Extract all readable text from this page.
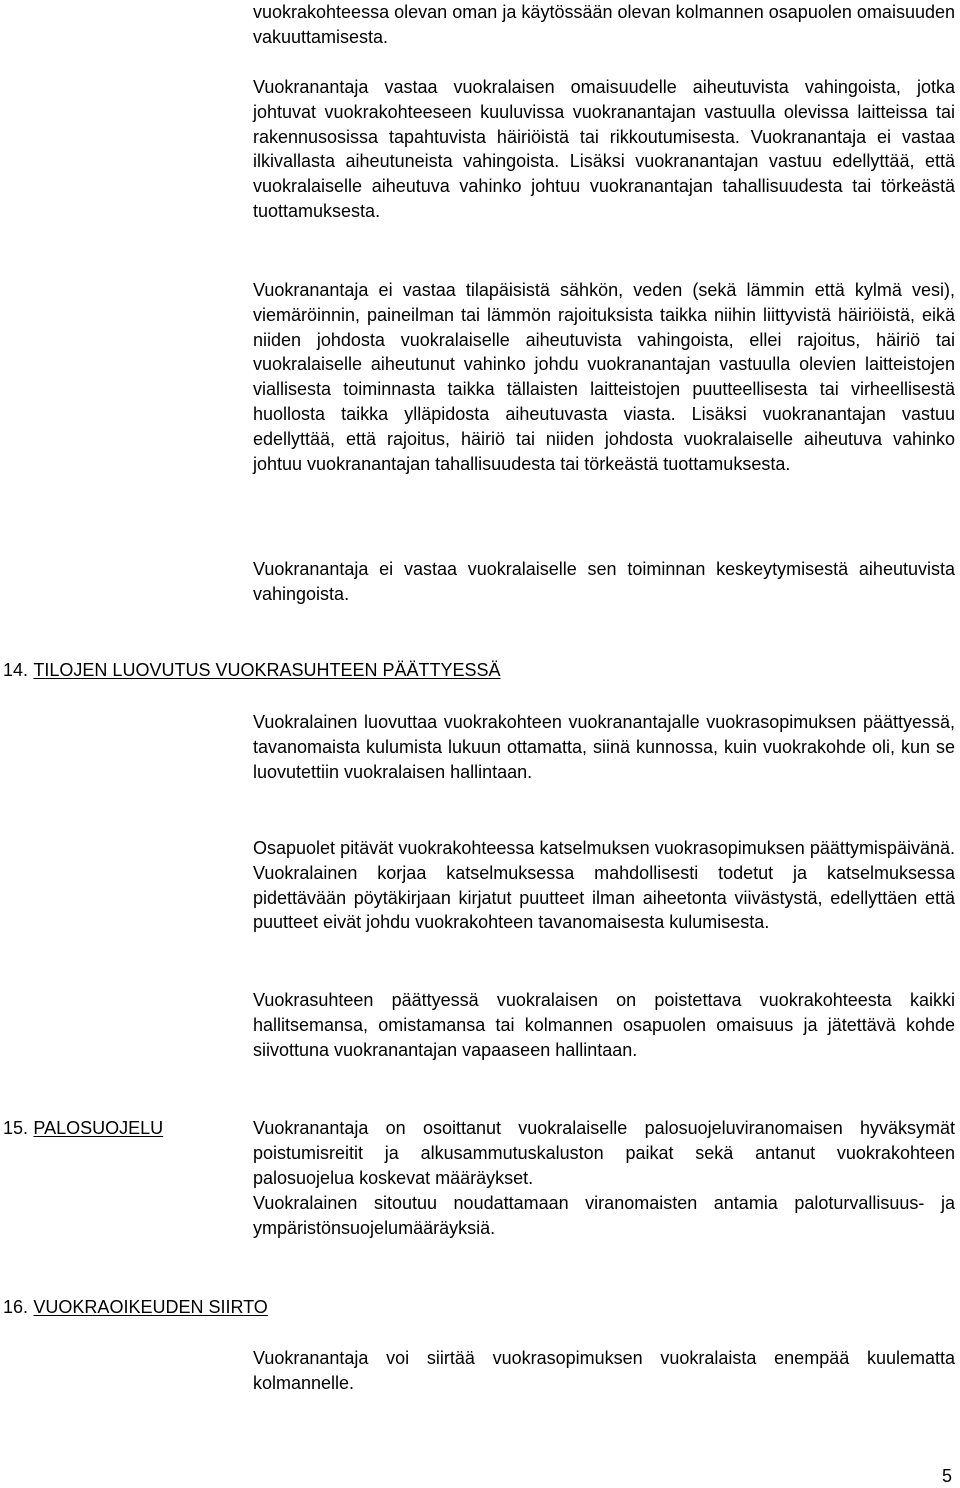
vuokrakohteessa olevan oman ja käytössään olevan kolmannen osapuolen omaisuuden vakuuttamisesta.

Vuokranantaja vastaa vuokralaisen omaisuudelle aiheutuvista vahingoista, jotka johtuvat vuokrakohteeseen kuuluvissa vuokranantajan vastuulla olevissa laitteissa tai rakennusosissa tapahtuvista häiriöistä tai rikkoutumisesta. Vuokranantaja ei vastaa ilkivallasta aiheutuneista vahingoista. Lisäksi vuokranantajan vastuu edellyttää, että vuokralaiselle aiheutuva vahinko johtuu vuokranantajan tahallisuudesta tai törkeästä tuottamuksesta.

Vuokranantaja ei vastaa tilapäisistä sähkön, veden (sekä lämmin että kylmä vesi), viemäröinnin, paineilman tai lämmön rajoituksista taikka niihin liittyvistä häiriöistä, eikä niiden johdosta vuokralaiselle aiheutuvista vahingoista, ellei rajoitus, häiriö tai vuokralaiselle aiheutunut vahinko johdu vuokranantajan vastuulla olevien laitteistojen viallisesta toiminnasta taikka tällaisten laitteistojen puutteellisesta tai virheellisestä huollosta taikka ylläpidosta aiheutuvasta viasta. Lisäksi vuokranantajan vastuu edellyttää, että rajoitus, häiriö tai niiden johdosta vuokralaiselle aiheutuva vahinko johtuu vuokranantajan tahallisuudesta tai törkeästä tuottamuksesta.

Vuokranantaja ei vastaa vuokralaiselle sen toiminnan keskeytymisestä aiheutuvista vahingoista.

14. TILOJEN LUOVUTUS VUOKRASUHTEEN PÄÄTTYESSÄ

Vuokralainen luovuttaa vuokrakohteen vuokranantajalle vuokrasopimuksen päättyessä, tavanomaista kulumista lukuun ottamatta, siinä kunnossa, kuin vuokrakohde oli, kun se luovutettiin vuokralaisen hallintaan.

Osapuolet pitävät vuokrakohteessa katselmuksen vuokrasopimuksen päättymispäivänä. Vuokralainen korjaa katselmuksessa mahdollisesti todetut ja katselmuksessa pidettävään pöytäkirjaan kirjatut puutteet ilman aiheetonta viivästystä, edellyttäen että puutteet eivät johdu vuokrakohteen tavanomaisesta kulumisesta.

Vuokrasuhteen päättyessä vuokralaisen on poistettava vuokrakohteesta kaikki hallitsemansa, omistamansa tai kolmannen osapuolen omaisuus ja jätettävä kohde siivottuna vuokranantajan vapaaseen hallintaan.

15. PALOSUOJELU	Vuokranantaja on osoittanut vuokralaiselle palosuojeluviranomaisen hyväksymät poistumisreitit ja alkusammutuskaluston paikat sekä antanut vuokrakohteen palosuojelua koskevat määräykset.

Vuokralainen sitoutuu noudattamaan viranomaisten antamia paloturvallisuus- ja ympäristönsuojelumääräyksiä.

16. VUOKRAOIKEUDEN SIIRTO

Vuokranantaja voi siirtää vuokrasopimuksen vuokralaista enempää kuulematta kolmannelle.

5
